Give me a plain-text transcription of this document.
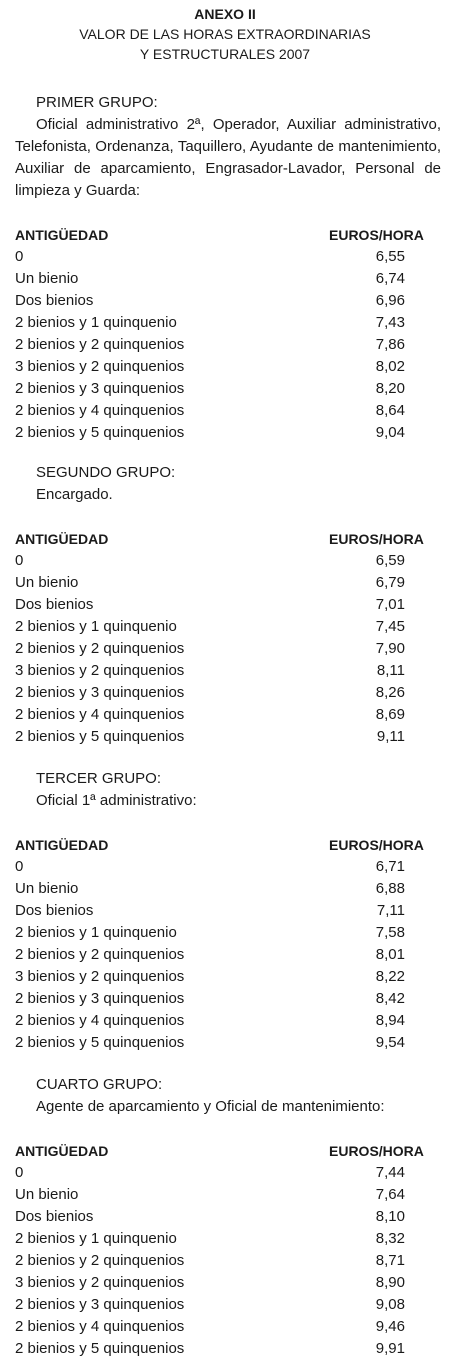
ANEXO II
VALOR DE LAS HORAS EXTRAORDINARIAS
Y ESTRUCTURALES 2007
PRIMER GRUPO:

Oficial administrativo 2ª, Operador, Auxiliar administrativo, Telefonista, Ordenanza, Taquillero, Ayudante de mantenimiento, Auxiliar de aparcamiento, Engrasador-Lavador, Personal de limpieza y Guarda:

ANTIGÜEDAD	EUROS/HORA
0	6,55
Un bienio	6,74
Dos bienios	6,96
2 bienios y 1 quinquenio	7,43
2 bienios y 2 quinquenios	7,86
3 bienios y 2 quinquenios	8,02
2 bienios y 3 quinquenios	8,20
2 bienios y 4 quinquenios	8,64
2 bienios y 5 quinquenios	9,04
SEGUNDO GRUPO:

Encargado.

ANTIGÜEDAD	EUROS/HORA
0	6,59
Un bienio	6,79
Dos bienios	7,01
2 bienios y 1 quinquenio	7,45
2 bienios y 2 quinquenios	7,90
3 bienios y 2 quinquenios	8,11
2 bienios y 3 quinquenios	8,26
2 bienios y 4 quinquenios	8,69
2 bienios y 5 quinquenios	9,11
TERCER GRUPO:

Oficial 1ª administrativo:

ANTIGÜEDAD	EUROS/HORA
0	6,71
Un bienio	6,88
Dos bienios	7,11
2 bienios y 1 quinquenio	7,58
2 bienios y 2 quinquenios	8,01
3 bienios y 2 quinquenios	8,22
2 bienios y 3 quinquenios	8,42
2 bienios y 4 quinquenios	8,94
2 bienios y 5 quinquenios	9,54
CUARTO GRUPO:

Agente de aparcamiento y Oficial de mantenimiento:

ANTIGÜEDAD	EUROS/HORA
0	7,44
Un bienio	7,64
Dos bienios	8,10
2 bienios y 1 quinquenio	8,32
2 bienios y 2 quinquenios	8,71
3 bienios y 2 quinquenios	8,90
2 bienios y 3 quinquenios	9,08
2 bienios y 4 quinquenios	9,46
2 bienios y 5 quinquenios	9,91
